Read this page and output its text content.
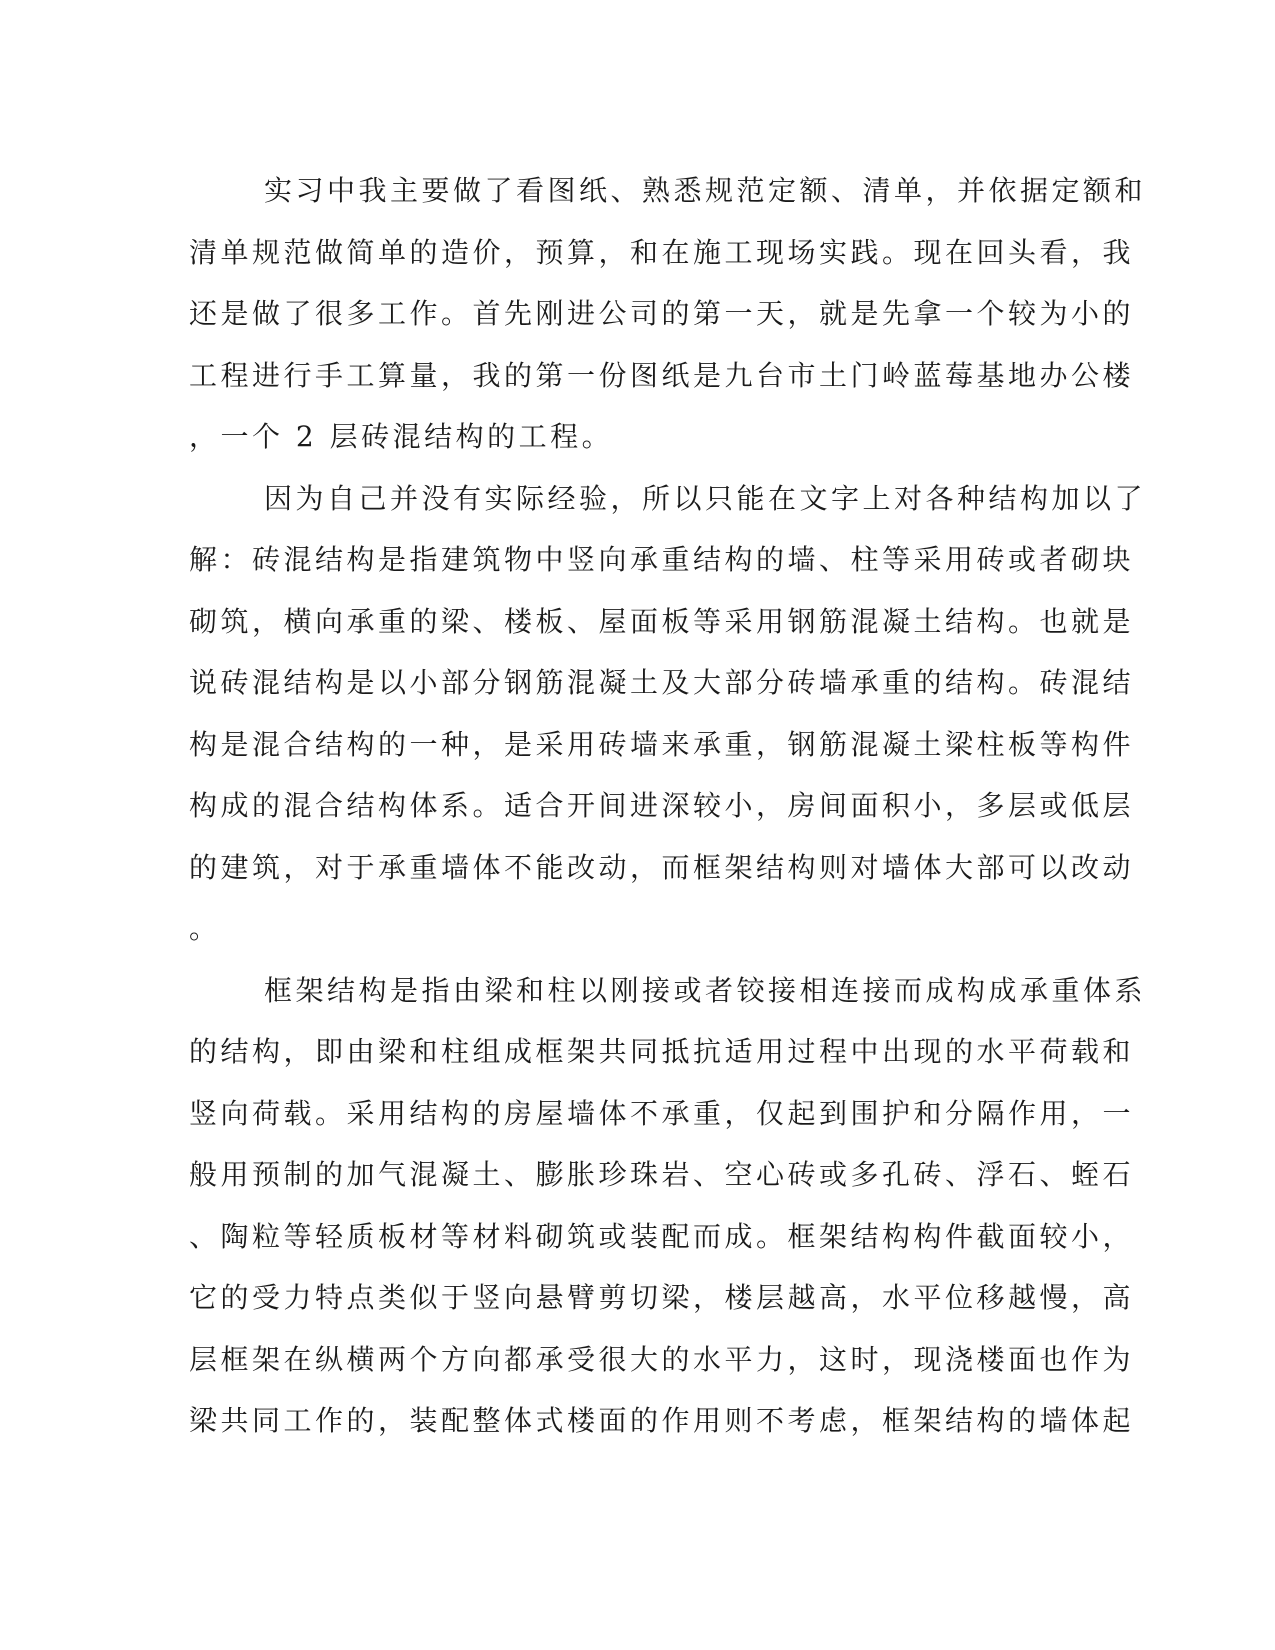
实习中我主要做了看图纸、熟悉规范定额、清单，并依据定额和
清单规范做简单的造价，预算，和在施工现场实践。现在回头看，我
还是做了很多工作。首先刚进公司的第一天，就是先拿一个较为小的
工程进行手工算量，我的第一份图纸是九台市土门岭蓝莓基地办公楼
，一个 2 层砖混结构的工程。
因为自己并没有实际经验，所以只能在文字上对各种结构加以了
解：砖混结构是指建筑物中竖向承重结构的墙、柱等采用砖或者砌块
砌筑，横向承重的梁、楼板、屋面板等采用钢筋混凝土结构。也就是
说砖混结构是以小部分钢筋混凝土及大部分砖墙承重的结构。砖混结
构是混合结构的一种，是采用砖墙来承重，钢筋混凝土梁柱板等构件
构成的混合结构体系。适合开间进深较小，房间面积小，多层或低层
的建筑，对于承重墙体不能改动，而框架结构则对墙体大部可以改动
。
框架结构是指由梁和柱以刚接或者铰接相连接而成构成承重体系
的结构，即由梁和柱组成框架共同抵抗适用过程中出现的水平荷载和
竖向荷载。采用结构的房屋墙体不承重，仅起到围护和分隔作用，一
般用预制的加气混凝土、膨胀珍珠岩、空心砖或多孔砖、浮石、蛭石
、陶粒等轻质板材等材料砌筑或装配而成。框架结构构件截面较小，
它的受力特点类似于竖向悬臂剪切梁，楼层越高，水平位移越慢，高
层框架在纵横两个方向都承受很大的水平力，这时，现浇楼面也作为
梁共同工作的，装配整体式楼面的作用则不考虑，框架结构的墙体起
